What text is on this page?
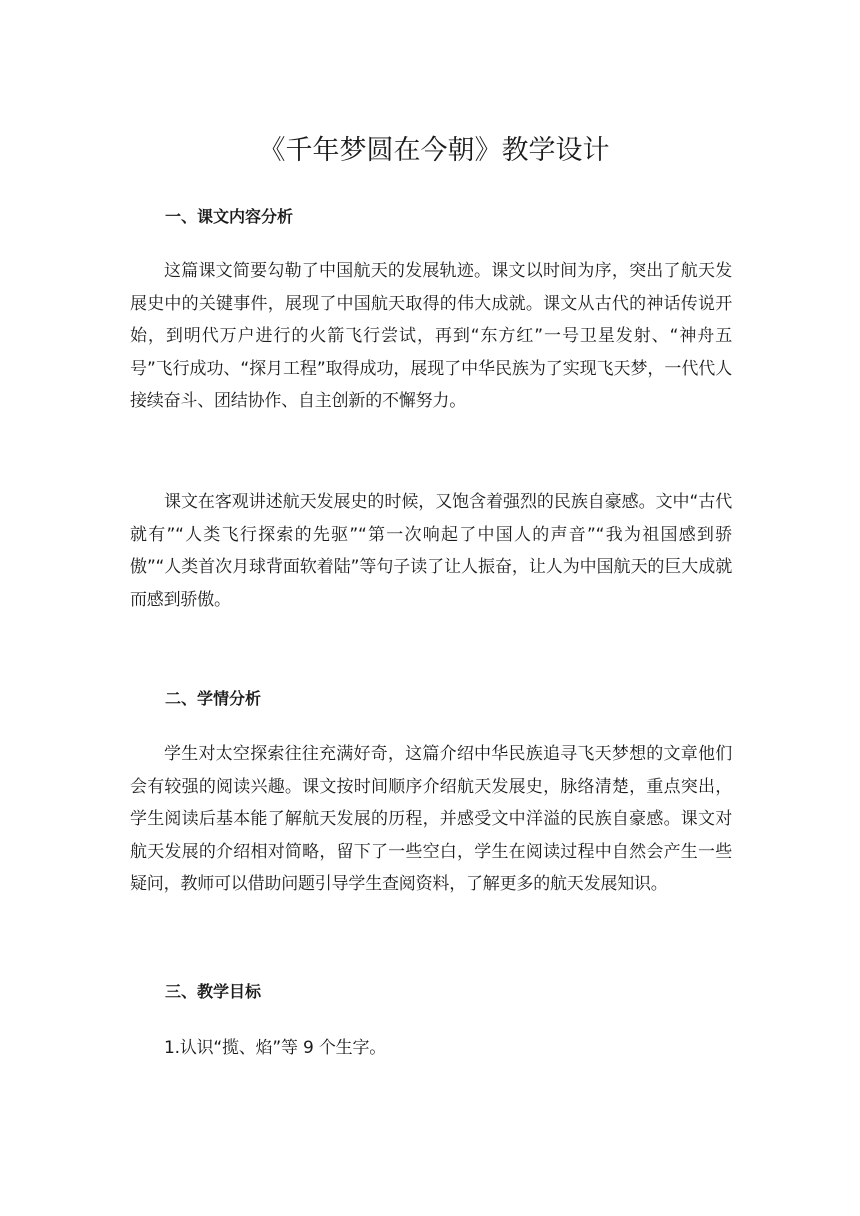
《千年梦圆在今朝》教学设计
一、课文内容分析

这篇课文简要勾勒了中国航天的发展轨迹。课文以时间为序，突出了航天发展史中的关键事件，展现了中国航天取得的伟大成就。课文从古代的神话传说开始，到明代万户进行的火箭飞行尝试，再到“东方红”一号卫星发射、“神舟五号”飞行成功、“探月工程”取得成功，展现了中华民族为了实现飞天梦，一代代人接续奋斗、团结协作、自主创新的不懈努力。

课文在客观讲述航天发展史的时候，又饱含着强烈的民族自豪感。文中“古代就有”“人类飞行探索的先驱”“第一次响起了中国人的声音”“我为祖国感到骄傲”“人类首次月球背面软着陆”等句子读了让人振奋，让人为中国航天的巨大成就而感到骄傲。

二、学情分析

学生对太空探索往往充满好奇，这篇介绍中华民族追寻飞天梦想的文章他们会有较强的阅读兴趣。课文按时间顺序介绍航天发展史，脉络清楚，重点突出，学生阅读后基本能了解航天发展的历程，并感受文中洋溢的民族自豪感。课文对航天发展的介绍相对简略，留下了一些空白，学生在阅读过程中自然会产生一些疑问，教师可以借助问题引导学生查阅资料，了解更多的航天发展知识。

三、教学目标

1.认识“揽、焰”等 9 个生字。
